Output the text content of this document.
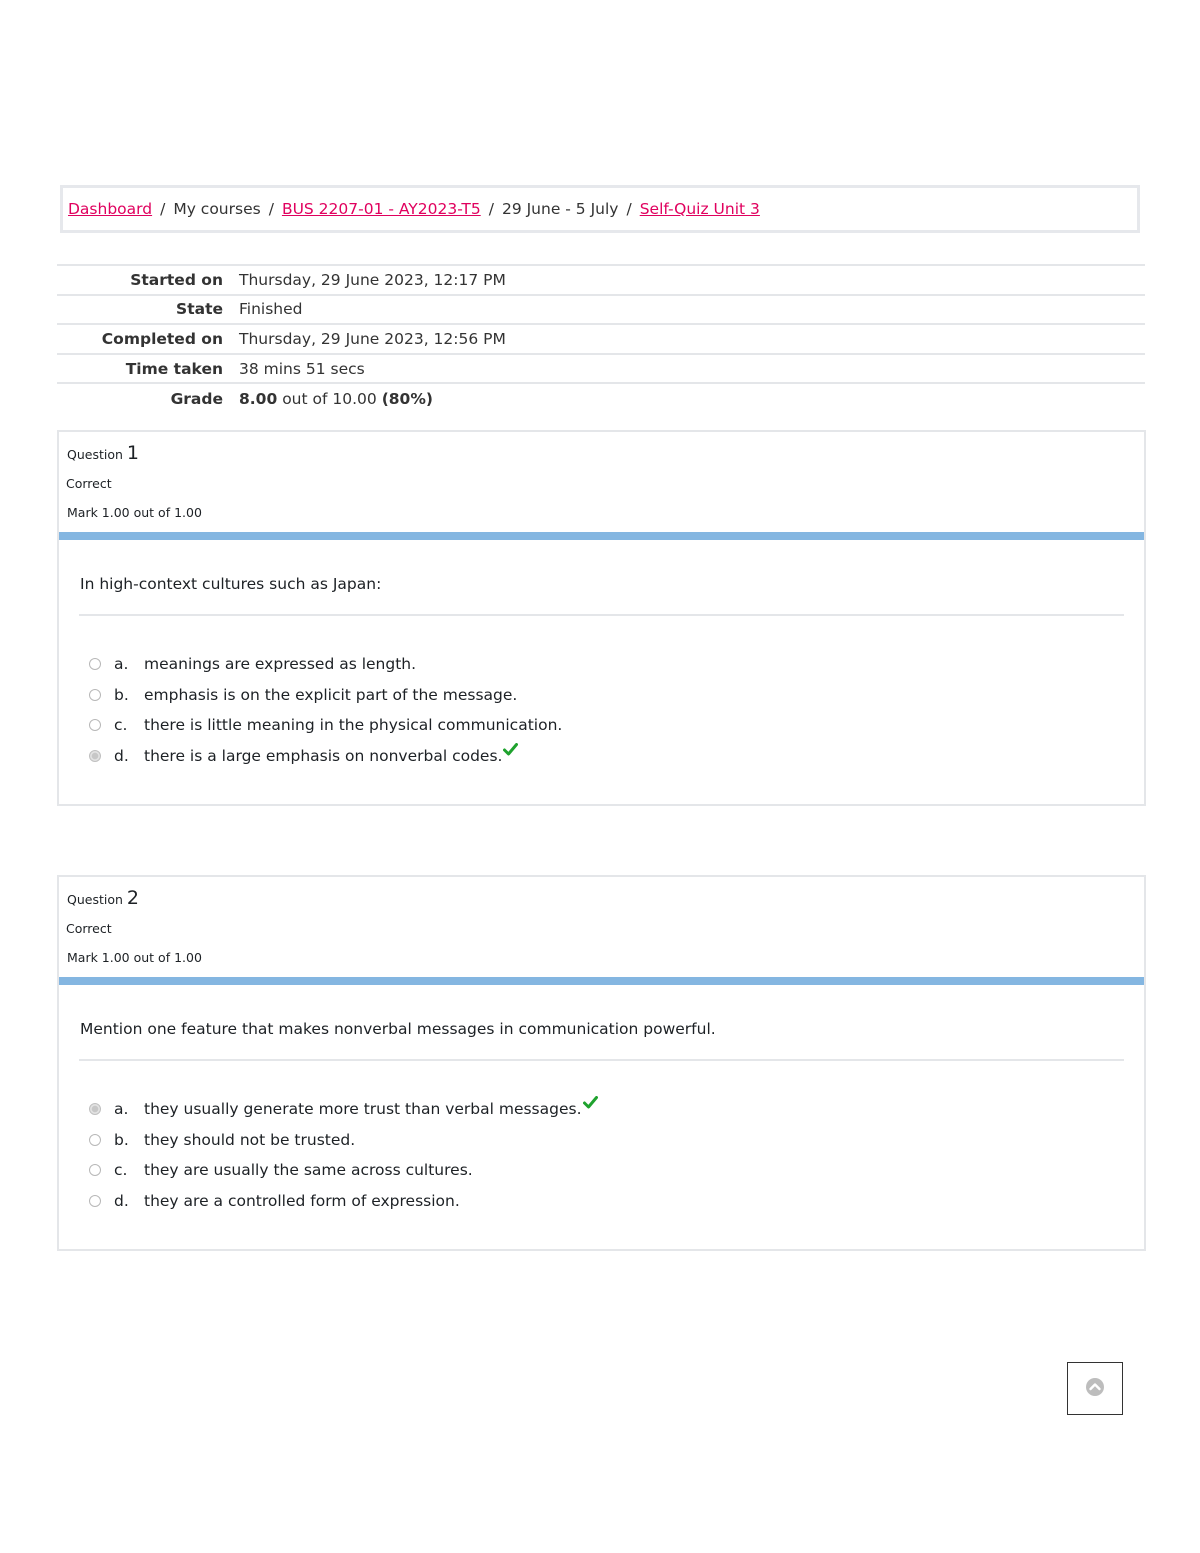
Dashboard / My courses / BUS 2207-01 - AY2023-T5 / 29 June - 5 July / Self-Quiz Unit 3
Started on	Thursday, 29 June 2023, 12:17 PM
State	Finished
Completed on	Thursday, 29 June 2023, 12:56 PM
Time taken	38 mins 51 secs
Grade	8.00 out of 10.00 (80%)
Question 1
Correct
Mark 1.00 out of 1.00
In high-context cultures such as Japan:
a. meanings are expressed as length.
b. emphasis is on the explicit part of the message.
c. there is little meaning in the physical communication.
d. there is a large emphasis on nonverbal codes.
Question 2
Correct
Mark 1.00 out of 1.00
Mention one feature that makes nonverbal messages in communication powerful.
a. they usually generate more trust than verbal messages.
b. they should not be trusted.
c. they are usually the same across cultures.
d. they are a controlled form of expression.
